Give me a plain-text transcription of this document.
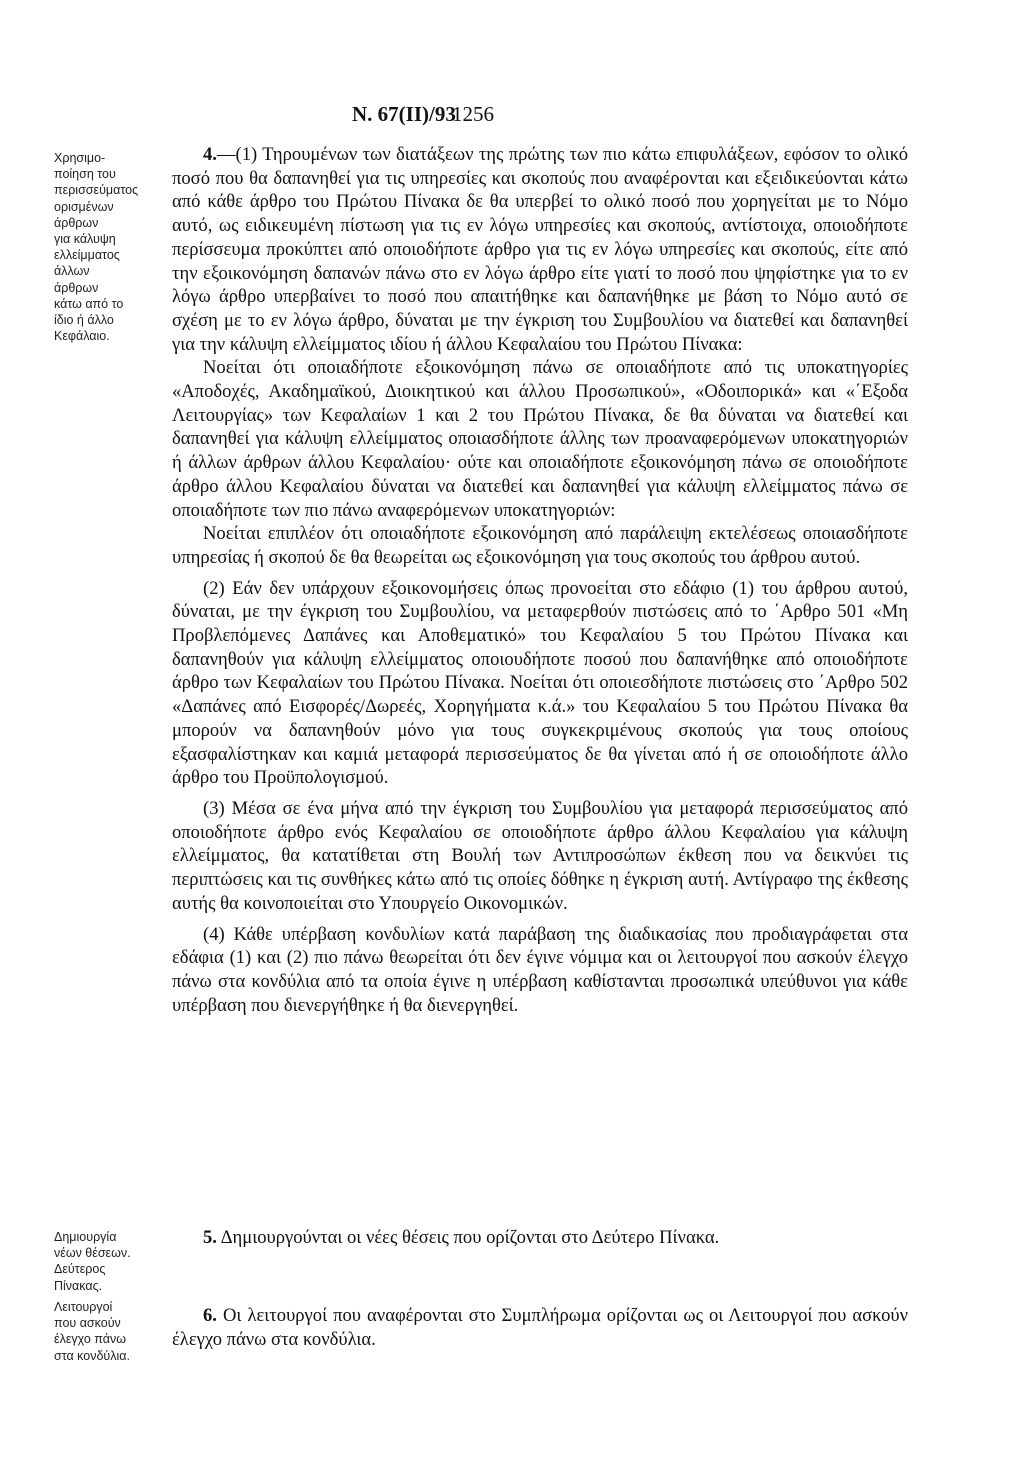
Ν. 67(ΙΙ)/93
1256
Χρησιμο-
ποίηση του
περισσεύματος
ορισμένων
άρθρων
για κάλυψη
ελλείμματος
άλλων
άρθρων
κάτω από το
ίδιο ή άλλο
Κεφάλαιο.
Δημιουργία
νέων θέσεων.
Δεύτερος
Πίνακας.
Λειτουργοί
που ασκούν
έλεγχο πάνω
στα κονδύλια.

4.—(1) Τηρουμένων των διατάξεων της πρώτης των πιο κάτω επιφυλάξεων, εφόσον το ολικό ποσό που θα δαπανηθεί για τις υπηρεσίες και σκοπούς που αναφέρονται και εξειδικεύονται κάτω από κάθε άρθρο του Πρώτου Πίνακα δε θα υπερβεί το ολικό ποσό που χορηγείται με το Νόμο αυτό, ως ειδικευμένη πίστωση για τις εν λόγω υπηρεσίες και σκοπούς, αντίστοιχα, οποιοδήποτε περίσσευμα προκύπτει από οποιοδήποτε άρθρο για τις εν λόγω υπηρεσίες και σκοπούς, είτε από την εξοικονόμηση δαπανών πάνω στο εν λόγω άρθρο είτε γιατί το ποσό που ψηφίστηκε για το εν λόγω άρθρο υπερβαίνει το ποσό που απαιτήθηκε και δαπανήθηκε με βάση το Νόμο αυτό σε σχέση με το εν λόγω άρθρο, δύναται με την έγκριση του Συμβουλίου να διατεθεί και δαπανηθεί για την κάλυψη ελλείμματος ιδίου ή άλλου Κεφαλαίου του Πρώτου Πίνακα:

Νοείται ότι οποιαδήποτε εξοικονόμηση πάνω σε οποιαδήποτε από τις υποκατηγορίες «Αποδοχές, Ακαδημαϊκού, Διοικητικού και άλλου Προσωπικού», «Οδοιπορικά» και «΄Εξοδα Λειτουργίας» των Κεφαλαίων 1 και 2 του Πρώτου Πίνακα, δε θα δύναται να διατεθεί και δαπανηθεί για κάλυψη ελλείμματος οποιασδήποτε άλλης των προαναφερόμενων υποκατηγοριών ή άλλων άρθρων άλλου Κεφαλαίου· ούτε και οποιαδήποτε εξοικονόμηση πάνω σε οποιοδήποτε άρθρο άλλου Κεφαλαίου δύναται να διατεθεί και δαπανηθεί για κάλυψη ελλείμματος πάνω σε οποιαδήποτε των πιο πάνω αναφερόμενων υποκατηγοριών:

Νοείται επιπλέον ότι οποιαδήποτε εξοικονόμηση από παράλειψη εκτελέσεως οποιασδήποτε υπηρεσίας ή σκοπού δε θα θεωρείται ως εξοικονόμηση για τους σκοπούς του άρθρου αυτού.

(2) Εάν δεν υπάρχουν εξοικονομήσεις όπως προνοείται στο εδάφιο (1) του άρθρου αυτού, δύναται, με την έγκριση του Συμβουλίου, να μεταφερθούν πιστώσεις από το ΄Αρθρο 501 «Μη Προβλεπόμενες Δαπάνες και Αποθεματικό» του Κεφαλαίου 5 του Πρώτου Πίνακα και δαπανηθούν για κάλυψη ελλείμματος οποιουδήποτε ποσού που δαπανήθηκε από οποιοδήποτε άρθρο των Κεφαλαίων του Πρώτου Πίνακα. Νοείται ότι οποιεσδήποτε πιστώσεις στο ΄Αρθρο 502 «Δαπάνες από Εισφορές/Δωρεές, Χορηγήματα κ.ά.» του Κεφαλαίου 5 του Πρώτου Πίνακα θα μπορούν να δαπανηθούν μόνο για τους συγκεκριμένους σκοπούς για τους οποίους εξασφαλίστηκαν και καμιά μεταφορά περισσεύματος δε θα γίνεται από ή σε οποιοδήποτε άλλο άρθρο του Προϋπολογισμού.

(3) Μέσα σε ένα μήνα από την έγκριση του Συμβουλίου για μεταφορά περισσεύματος από οποιοδήποτε άρθρο ενός Κεφαλαίου σε οποιοδήποτε άρθρο άλλου Κεφαλαίου για κάλυψη ελλείμματος, θα κατατίθεται στη Βουλή των Αντιπροσώπων έκθεση που να δεικνύει τις περιπτώσεις και τις συνθήκες κάτω από τις οποίες δόθηκε η έγκριση αυτή. Αντίγραφο της έκθεσης αυτής θα κοινοποιείται στο Υπουργείο Οικονομικών.

(4) Κάθε υπέρβαση κονδυλίων κατά παράβαση της διαδικασίας που προδιαγράφεται στα εδάφια (1) και (2) πιο πάνω θεωρείται ότι δεν έγινε νόμιμα και οι λειτουργοί που ασκούν έλεγχο πάνω στα κονδύλια από τα οποία έγινε η υπέρβαση καθίστανται προσωπικά υπεύθυνοι για κάθε υπέρβαση που διενεργήθηκε ή θα διενεργηθεί.

5. Δημιουργούνται οι νέες θέσεις που ορίζονται στο Δεύτερο Πίνακα.

6. Οι λειτουργοί που αναφέρονται στο Συμπλήρωμα ορίζονται ως οι Λειτουργοί που ασκούν έλεγχο πάνω στα κονδύλια.
